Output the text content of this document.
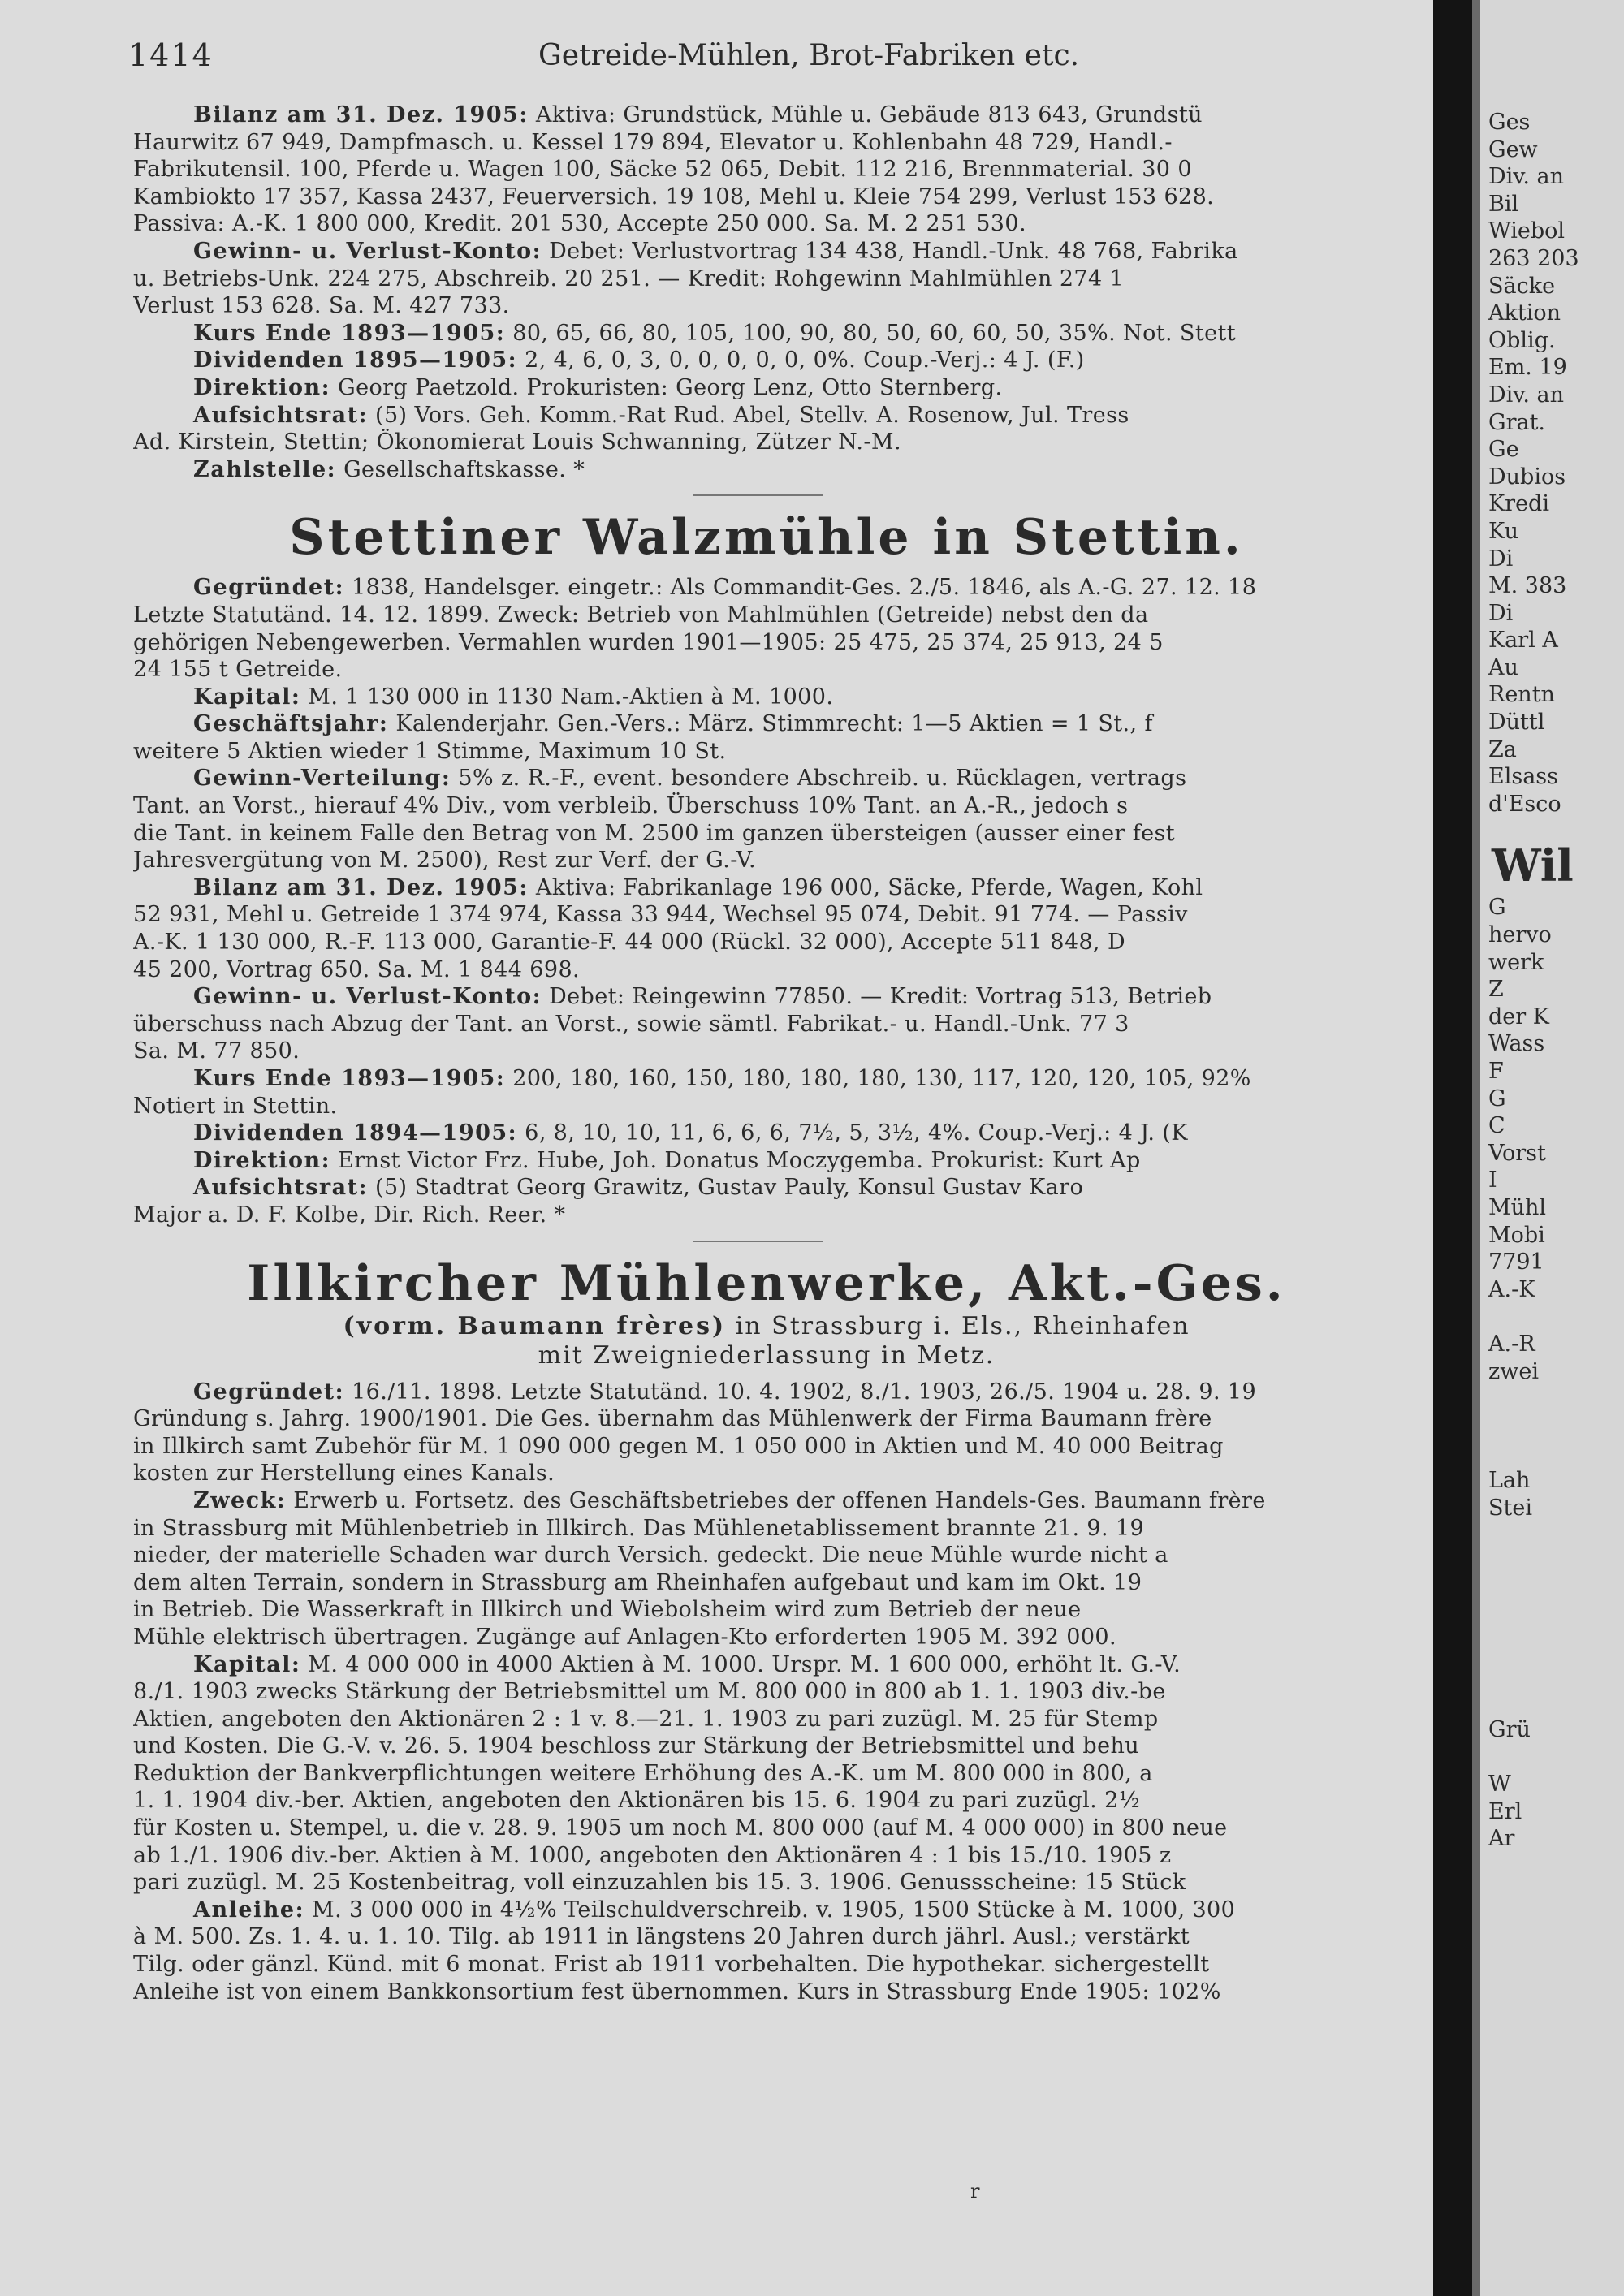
1414	Getreide-Mühlen, Brot-Fabriken etc.

Bilanz am 31. Dez. 1905: Aktiva: Grundstück, Mühle u. Gebäude 813 643, Grundstü

Haurwitz 67 949, Dampfmasch. u. Kessel 179 894, Elevator u. Kohlenbahn 48 729, Handl.-

Fabrikutensil. 100, Pferde u. Wagen 100, Säcke 52 065, Debit. 112 216, Brennmaterial. 30 0

Kambiokto 17 357, Kassa 2437, Feuerversich. 19 108, Mehl u. Kleie 754 299, Verlust 153 628.

Passiva: A.-K. 1 800 000, Kredit. 201 530, Accepte 250 000. Sa. M. 2 251 530.

Gewinn- u. Verlust-Konto: Debet: Verlustvortrag 134 438, Handl.-Unk. 48 768, Fabrika

u. Betriebs-Unk. 224 275, Abschreib. 20 251. — Kredit: Rohgewinn Mahlmühlen 274 1

Verlust 153 628. Sa. M. 427 733.

Kurs Ende 1893—1905: 80, 65, 66, 80, 105, 100, 90, 80, 50, 60, 60, 50, 35%. Not. Stett

Dividenden 1895—1905: 2, 4, 6, 0, 3, 0, 0, 0, 0, 0, 0%. Coup.-Verj.: 4 J. (F.)

Direktion: Georg Paetzold. Prokuristen: Georg Lenz, Otto Sternberg.

Aufsichtsrat: (5) Vors. Geh. Komm.-Rat Rud. Abel, Stellv. A. Rosenow, Jul. Tress

Ad. Kirstein, Stettin; Ökonomierat Louis Schwanning, Zützer N.-M.

Zahlstelle: Gesellschaftskasse. *

Stettiner Walzmühle in Stettin.

Gegründet: 1838, Handelsger. eingetr.: Als Commandit-Ges. 2./5. 1846, als A.-G. 27. 12. 18

Letzte Statutänd. 14. 12. 1899. Zweck: Betrieb von Mahlmühlen (Getreide) nebst den da

gehörigen Nebengewerben. Vermahlen wurden 1901—1905: 25 475, 25 374, 25 913, 24 5

24 155 t Getreide.

Kapital: M. 1 130 000 in 1130 Nam.-Aktien à M. 1000.

Geschäftsjahr: Kalenderjahr. Gen.-Vers.: März. Stimmrecht: 1—5 Aktien = 1 St., f

weitere 5 Aktien wieder 1 Stimme, Maximum 10 St.

Gewinn-Verteilung: 5% z. R.-F., event. besondere Abschreib. u. Rücklagen, vertrags

Tant. an Vorst., hierauf 4% Div., vom verbleib. Überschuss 10% Tant. an A.-R., jedoch s

die Tant. in keinem Falle den Betrag von M. 2500 im ganzen übersteigen (ausser einer fest

Jahresvergütung von M. 2500), Rest zur Verf. der G.-V.

Bilanz am 31. Dez. 1905: Aktiva: Fabrikanlage 196 000, Säcke, Pferde, Wagen, Kohl

52 931, Mehl u. Getreide 1 374 974, Kassa 33 944, Wechsel 95 074, Debit. 91 774. — Passiv

A.-K. 1 130 000, R.-F. 113 000, Garantie-F. 44 000 (Rückl. 32 000), Accepte 511 848, D

45 200, Vortrag 650. Sa. M. 1 844 698.

Gewinn- u. Verlust-Konto: Debet: Reingewinn 77850. — Kredit: Vortrag 513, Betrieb

überschuss nach Abzug der Tant. an Vorst., sowie sämtl. Fabrikat.- u. Handl.-Unk. 77 3

Sa. M. 77 850.

Kurs Ende 1893—1905: 200, 180, 160, 150, 180, 180, 180, 130, 117, 120, 120, 105, 92%

Notiert in Stettin.

Dividenden 1894—1905: 6, 8, 10, 10, 11, 6, 6, 6, 7½, 5, 3½, 4%. Coup.-Verj.: 4 J. (K

Direktion: Ernst Victor Frz. Hube, Joh. Donatus Moczygemba. Prokurist: Kurt Ap

Aufsichtsrat: (5) Stadtrat Georg Grawitz, Gustav Pauly, Konsul Gustav Karo

Major a. D. F. Kolbe, Dir. Rich. Reer. *

Illkircher Mühlenwerke, Akt.-Ges.

(vorm. Baumann frères) in Strassburg i. Els., Rheinhafen

mit Zweigniederlassung in Metz.

Gegründet: 16./11. 1898. Letzte Statutänd. 10. 4. 1902, 8./1. 1903, 26./5. 1904 u. 28. 9. 19

Gründung s. Jahrg. 1900/1901. Die Ges. übernahm das Mühlenwerk der Firma Baumann frère

in Illkirch samt Zubehör für M. 1 090 000 gegen M. 1 050 000 in Aktien und M. 40 000 Beitrag

kosten zur Herstellung eines Kanals.

Zweck: Erwerb u. Fortsetz. des Geschäftsbetriebes der offenen Handels-Ges. Baumann frère

in Strassburg mit Mühlenbetrieb in Illkirch. Das Mühlenetablissement brannte 21. 9. 19

nieder, der materielle Schaden war durch Versich. gedeckt. Die neue Mühle wurde nicht a

dem alten Terrain, sondern in Strassburg am Rheinhafen aufgebaut und kam im Okt. 19

in Betrieb. Die Wasserkraft in Illkirch und Wiebolsheim wird zum Betrieb der neue

Mühle elektrisch übertragen. Zugänge auf Anlagen-Kto erforderten 1905 M. 392 000.

Kapital: M. 4 000 000 in 4000 Aktien à M. 1000. Urspr. M. 1 600 000, erhöht lt. G.-V.

8./1. 1903 zwecks Stärkung der Betriebsmittel um M. 800 000 in 800 ab 1. 1. 1903 div.-be

Aktien, angeboten den Aktionären 2 : 1 v. 8.—21. 1. 1903 zu pari zuzügl. M. 25 für Stemp

und Kosten. Die G.-V. v. 26. 5. 1904 beschloss zur Stärkung der Betriebsmittel und behu

Reduktion der Bankverpflichtungen weitere Erhöhung des A.-K. um M. 800 000 in 800, a

1. 1. 1904 div.-ber. Aktien, angeboten den Aktionären bis 15. 6. 1904 zu pari zuzügl. 2½

für Kosten u. Stempel, u. die v. 28. 9. 1905 um noch M. 800 000 (auf M. 4 000 000) in 800 neue

ab 1./1. 1906 div.-ber. Aktien à M. 1000, angeboten den Aktionären 4 : 1 bis 15./10. 1905 z

pari zuzügl. M. 25 Kostenbeitrag, voll einzuzahlen bis 15. 3. 1906. Genussscheine: 15 Stück

Anleihe: M. 3 000 000 in 4½% Teilschuldverschreib. v. 1905, 1500 Stücke à M. 1000, 300

à M. 500. Zs. 1. 4. u. 1. 10. Tilg. ab 1911 in längstens 20 Jahren durch jährl. Ausl.; verstärkt

Tilg. oder gänzl. Künd. mit 6 monat. Frist ab 1911 vorbehalten. Die hypothekar. sichergestellt

Anleihe ist von einem Bankkonsortium fest übernommen. Kurs in Strassburg Ende 1905: 102%

r

Ges

Gew

Div. an

Bil

Wiebol

263 203

Säcke

Aktion

Oblig.

Em. 19

Div. an

Grat.

Ge

Dubios

Kredi

Ku

Di

M. 383

Di

Karl A

Au

Rentn

Düttl

Za

Elsass

d'Esco

Wil

G

hervo

werk

Z

der K

Wass

F

G

C

Vorst

I

Mühl

Mobi

7791

A.-K

A.-R

zwei

Lah

Stei

Grü

W

Erl

Ar
